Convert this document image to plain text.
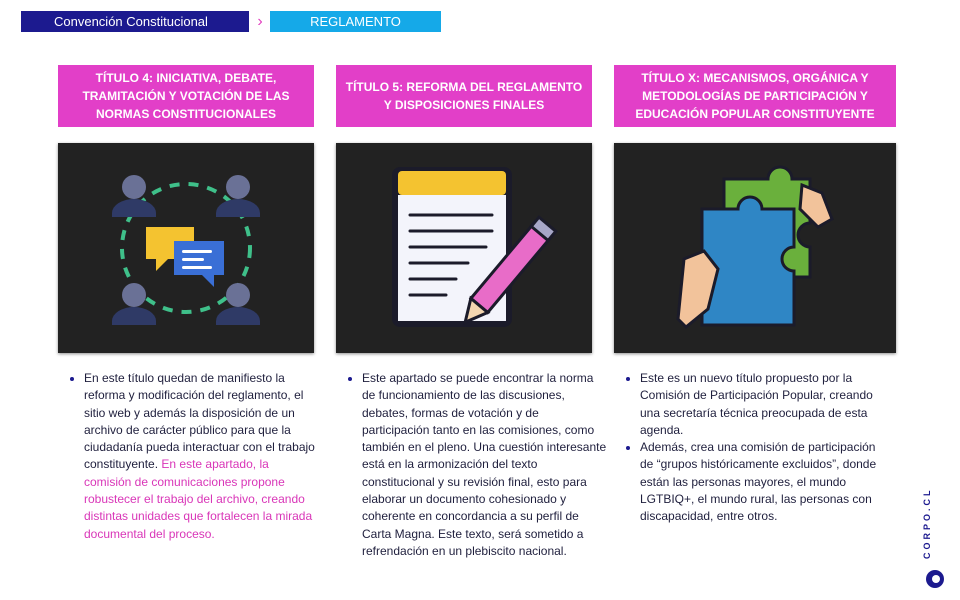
Convención Constitucional	›	REGLAMENTO
TÍTULO 4: INICIATIVA, DEBATE, TRAMITACIÓN Y VOTACIÓN DE LAS NORMAS CONSTITUCIONALES
• En este título quedan de manifiesto la reforma y modificación del reglamento, el sitio web y además la disposición de un archivo de carácter público para que la ciudadanía pueda interactuar con el trabajo constituyente. En este apartado, la comisión de comunicaciones propone robustecer el trabajo del archivo, creando distintas unidades que fortalecen la mirada documental del proceso.
TÍTULO 5: REFORMA DEL REGLAMENTO Y DISPOSICIONES FINALES
• Este apartado se puede encontrar la norma de funcionamiento de las discusiones, debates, formas de votación y de participación tanto en las comisiones, como también en el pleno. Una cuestión interesante está en la armonización del texto constitucional y su revisión final, esto para elaborar un documento cohesionado y coherente en concordancia a su perfil de Carta Magna. Este texto, será sometido a refrendación en un plebiscito nacional.
TÍTULO X: MECANISMOS, ORGÁNICA Y METODOLOGÍAS DE PARTICIPACIÓN Y EDUCACIÓN POPULAR CONSTITUYENTE
• Este es un nuevo título propuesto por la Comisión de Participación Popular, creando una secretaría técnica preocupada de esta agenda.
• Además, crea una comisión de participación de “grupos históricamente excluidos”, donde están las personas mayores, el mundo LGTBIQ+, el mundo rural, las personas con discapacidad, entre otros.	CORPO.CL
